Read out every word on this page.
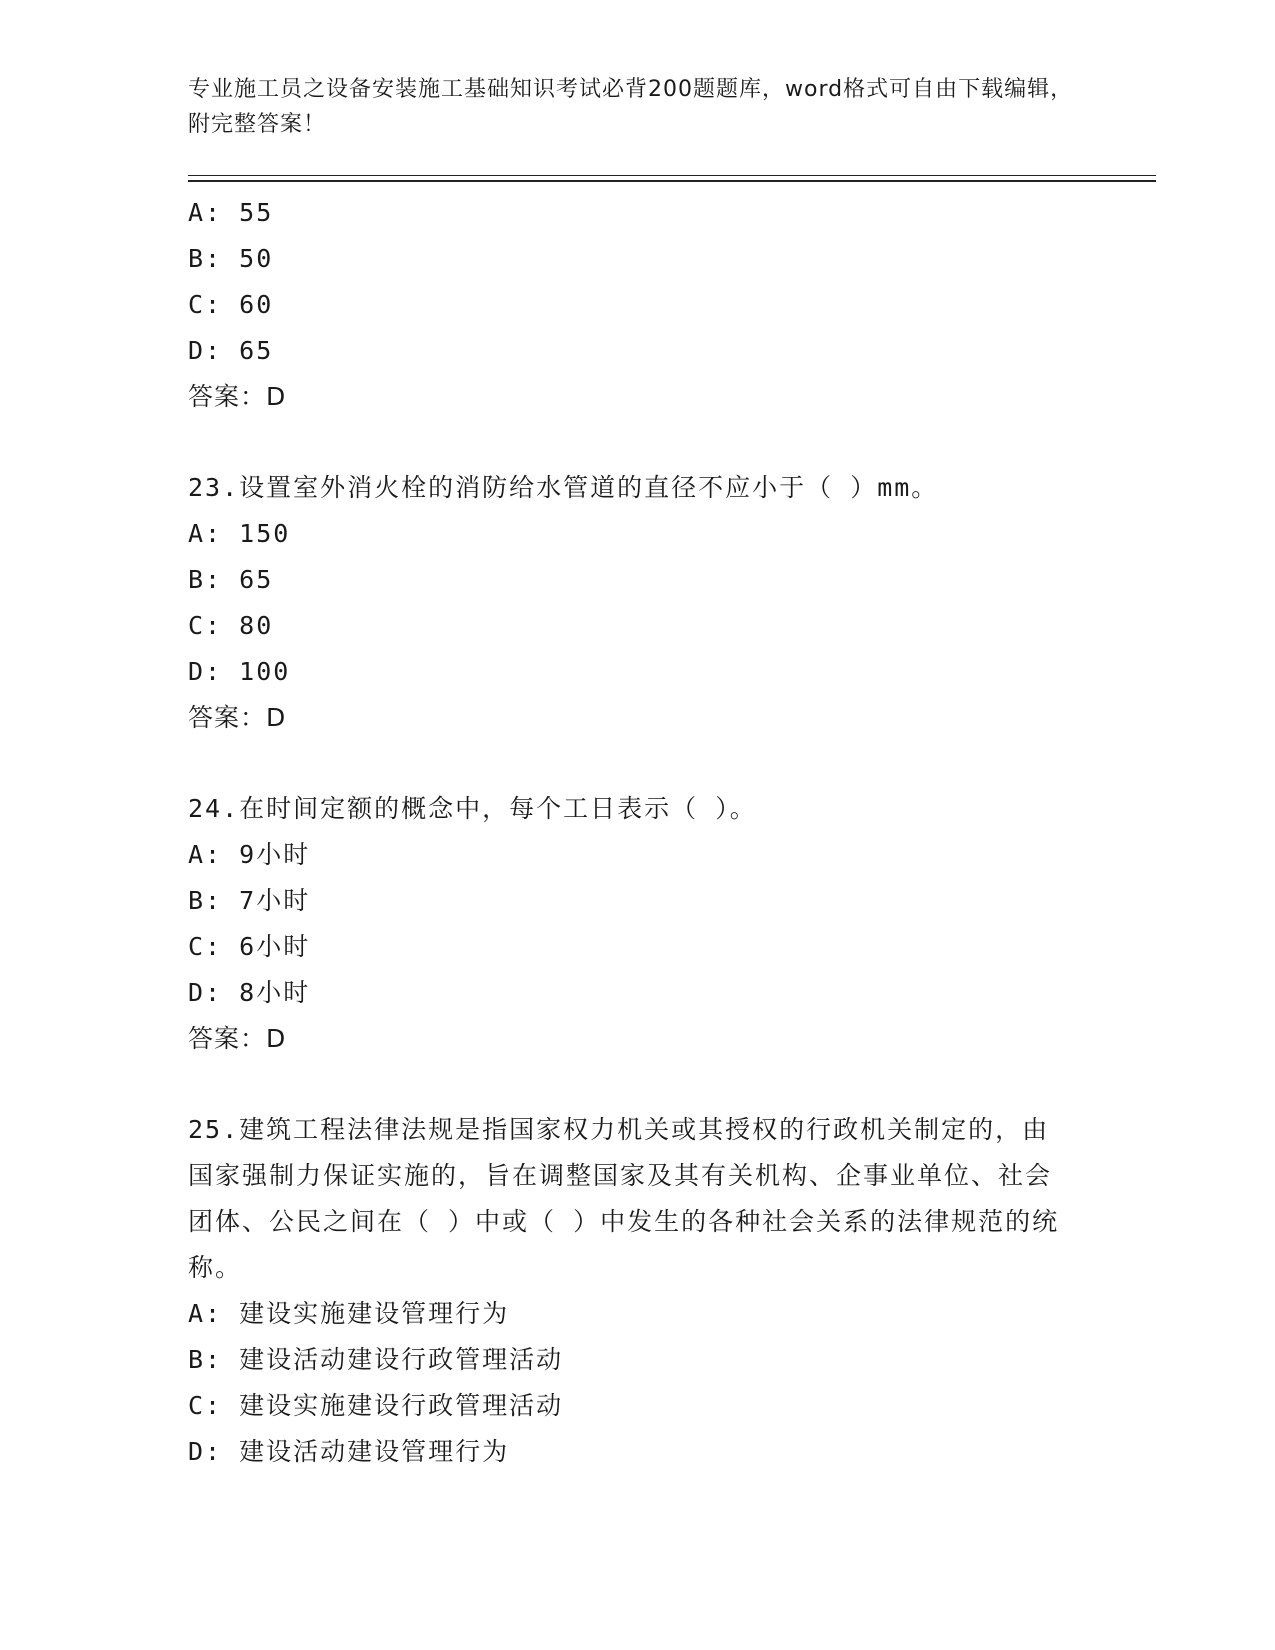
专业施工员之设备安装施工基础知识考试必背200题题库，word格式可自由下载编辑，附完整答案！
A: 55
B: 50
C: 60
D: 65
答案：D
23.设置室外消火栓的消防给水管道的直径不应小于（ ）mm。
A: 150
B: 65
C: 80
D: 100
答案：D
24.在时间定额的概念中，每个工日表示（ ）。
A: 9小时
B: 7小时
C: 6小时
D: 8小时
答案：D
25.建筑工程法律法规是指国家权力机关或其授权的行政机关制定的，由国家强制力保证实施的，旨在调整国家及其有关机构、企事业单位、社会团体、公民之间在（ ）中或（ ）中发生的各种社会关系的法律规范的统称。
A: 建设实施建设管理行为
B: 建设活动建设行政管理活动
C: 建设实施建设行政管理活动
D: 建设活动建设管理行为
